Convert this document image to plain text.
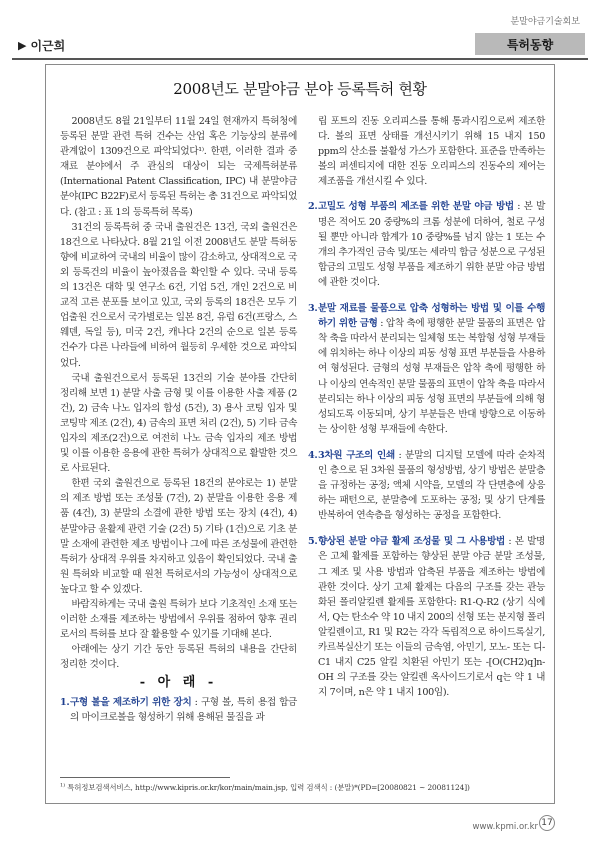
분말야금기술회보
▶ 이근희	특허동향
2008년도 분말야금 분야 등록특허 현황

2008년도 8월 21일부터 11월 24일 현재까지 특허청에 등록된 분말 관련 특허 건수는 산업 혹은 기능상의 분류에 관계없이 1309건으로 파악되었다¹⁾. 한편, 이러한 결과 중 재료 분야에서 주 관심의 대상이 되는 국제특허분류(International Patent Classification, IPC) 내 분말야금분야(IPC B22F)로서 등록된 특허는 총 31건으로 파악되었다. (참고 : 표 1의 등록특허 목록)

31건의 등록특허 중 국내 출원건은 13건, 국외 출원건은 18건으로 나타났다. 8월 21일 이전 2008년도 분말 특허동향에 비교하여 국내의 비율이 많이 감소하고, 상대적으로 국외 등록건의 비율이 높아졌음을 확인할 수 있다. 국내 등록의 13건은 대학 및 연구소 6건, 기업 5건, 개인 2건으로 비교적 고른 분포를 보이고 있고, 국외 등록의 18건은 모두 기업출원 건으로서 국가별로는 일본 8건, 유럽 6건(프랑스, 스웨덴, 독일 등), 미국 2건, 캐나다 2건의 순으로 일본 등록 건수가 다른 나라들에 비하여 월등히 우세한 것으로 파악되었다.

국내 출원건으로서 등록된 13건의 기술 분야를 간단히 정리해 보면 1) 분말 사출 금형 및 이를 이용한 사출 제품 (2건), 2) 금속 나노 입자의 합성 (5건), 3) 용사 코팅 입자 및 코팅막 제조 (2건), 4) 금속의 표면 처리 (2건), 5) 기타 금속 입자의 제조(2건)으로 여전히 나노 금속 입자의 제조 방법 및 이를 이용한 응용에 관한 특허가 상대적으로 활발한 것으로 사료된다.

한편 국외 출원건으로 등록된 18건의 분야로는 1) 분말의 제조 방법 또는 조성물 (7건), 2) 분말을 이용한 응용 제품 (4건), 3) 분말의 소결에 관한 방법 또는 장치 (4건), 4) 분말야금 윤활제 관련 기술 (2건) 5) 기타 (1건)으로 기초 분말 소재에 관련한 제조 방법이나 그에 따른 조성물에 관련한 특허가 상대적 우위를 차지하고 있음이 확인되었다. 국내 출원 특허와 비교할 때 원천 특허로서의 가능성이 상대적으로 높다고 할 수 있겠다.

바람직하게는 국내 출원 특허가 보다 기초적인 소재 또는 이러한 소재를 제조하는 방법에서 우위를 점하여 향후 권리로서의 특허를 보다 잘 활용할 수 있기를 기대해 본다.

아래에는 상기 기간 동안 등록된 특허의 내용을 간단히 정리한 것이다.

- 아 래 -
1. 구형 볼을 제조하기 위한 장치 : 구형 볼, 특히 용접 합금의 마이크로볼을 형성하기 위해 용해된 물질을 과

립 포트의 진동 오리피스를 통해 통과시킴으로써 제조한다. 볼의 표면 상태를 개선시키기 위해 15 내지 150 ppm의 산소를 불활성 가스가 포함한다. 표준을 만족하는 볼의 퍼센티지에 대한 진동 오리피스의 진동수의 제어는 제조품을 개선시킬 수 있다.

2. 고밀도 성형 부품의 제조를 위한 분말 야금 방법 : 본 발명은 적어도 20 중량%의 크롬 성분에 더하여, 철로 구성될 뿐만 아니라 합계가 10 중량%를 넘지 않는 1 또는 수개의 추가적인 금속 및/또는 세라믹 합금 성분으로 구성된 합금의 고밀도 성형 부품을 제조하기 위한 분말 야금 방법에 관한 것이다.
3. 분말 재료를 물품으로 압축 성형하는 방법 및 이를 수행하기 위한 금형 : 압착 축에 평행한 분말 물품의 표면은 압착 축을 따라서 분리되는 일체형 또는 복합형 성형 부재들에 위치하는 하나 이상의 피동 성형 표면 부분들을 사용하여 형성된다. 금형의 성형 부재들은 압착 축에 평행한 하나 이상의 연속적인 분말 물품의 표면이 압착 축을 따라서 분리되는 하나 이상의 피동 성형 표면의 부분들에 의해 형성되도록 이동되며, 상기 부분들은 반대 방향으로 이동하는 상이한 성형 부재들에 속한다.
4. 3차원 구조의 인쇄 : 분말의 디지털 모델에 따라 순차적인 층으로 된 3차원 물품의 형성방법, 상기 방법은 분말층을 규정하는 공정; 액체 시약을, 모델의 각 단면층에 상응하는 패턴으로, 분말층에 도포하는 공정; 및 상기 단계를 반복하여 연속층을 형성하는 공정을 포함한다.
5. 향상된 분말 야금 활제 조성물 및 그 사용방법 : 본 발명은 고체 활제를 포함하는 향상된 분말 야금 분말 조성물, 그 제조 및 사용 방법과 압축된 부품을 제조하는 방법에 관한 것이다. 상기 고체 활제는 다음의 구조를 갖는 관능화된 폴리알킬렌 활제를 포함한다: R1-Q-R2 (상기 식에서, Q는 탄소수 약 10 내지 200의 선형 또는 분지형 폴리알킬렌이고, R1 및 R2는 각각 독립적으로 하이드록실기, 카르복실산기 또는 이들의 금속염, 아민기, 모노- 또는 디-C1 내지 C25 알킬 치환된 아민기 또는 -[O(CH2)q]n-OH 의 구조를 갖는 알킬렌 옥사이드기로서 q는 약 1 내지 7이며, n은 약 1 내지 100임).
$^{1)}$ 특허정보검색서비스, http://www.kipris.or.kr/kor/main/main.jsp, 입력 검색식 : (분말)*(PD=[20080821 ~ 20081124])
www.kpmi.or.kr 17
